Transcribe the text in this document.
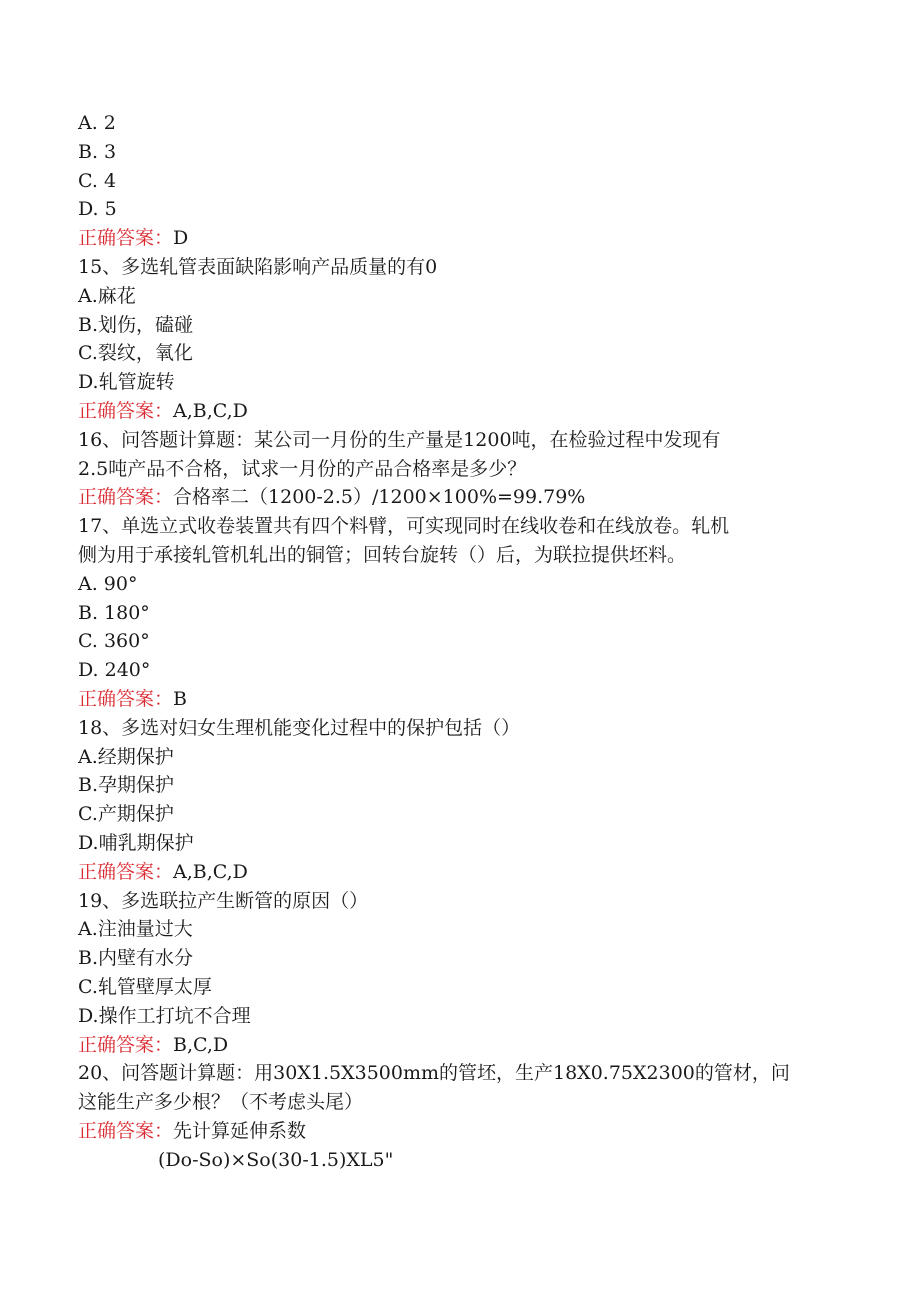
A. 2
B. 3
C. 4
D. 5
正确答案：D
15、多选轧管表面缺陷影响产品质量的有0
A.麻花
B.划伤，磕碰
C.裂纹，氧化
D.轧管旋转
正确答案：A,B,C,D
16、问答题计算题：某公司一月份的生产量是1200吨，在检验过程中发现有
2.5吨产品不合格，试求一月份的产品合格率是多少？
正确答案：合格率二（1200-2.5）/1200×100%=99.79%
17、单选立式收卷装置共有四个料臂，可实现同时在线收卷和在线放卷。轧机
侧为用于承接轧管机轧出的铜管；回转台旋转（）后，为联拉提供坯料。
A. 90°
B. 180°
C. 360°
D. 240°
正确答案：B
18、多选对妇女生理机能变化过程中的保护包括（）
A.经期保护
B.孕期保护
C.产期保护
D.哺乳期保护
正确答案：A,B,C,D
19、多选联拉产生断管的原因（）
A.注油量过大
B.内壁有水分
C.轧管壁厚太厚
D.操作工打坑不合理
正确答案：B,C,D
20、问答题计算题：用30X1.5X3500mm的管坯，生产18X0.75X2300的管材，问
这能生产多少根？（不考虑头尾）
正确答案：先计算延伸系数
(Do-So)×So(30-1.5)XL5"
